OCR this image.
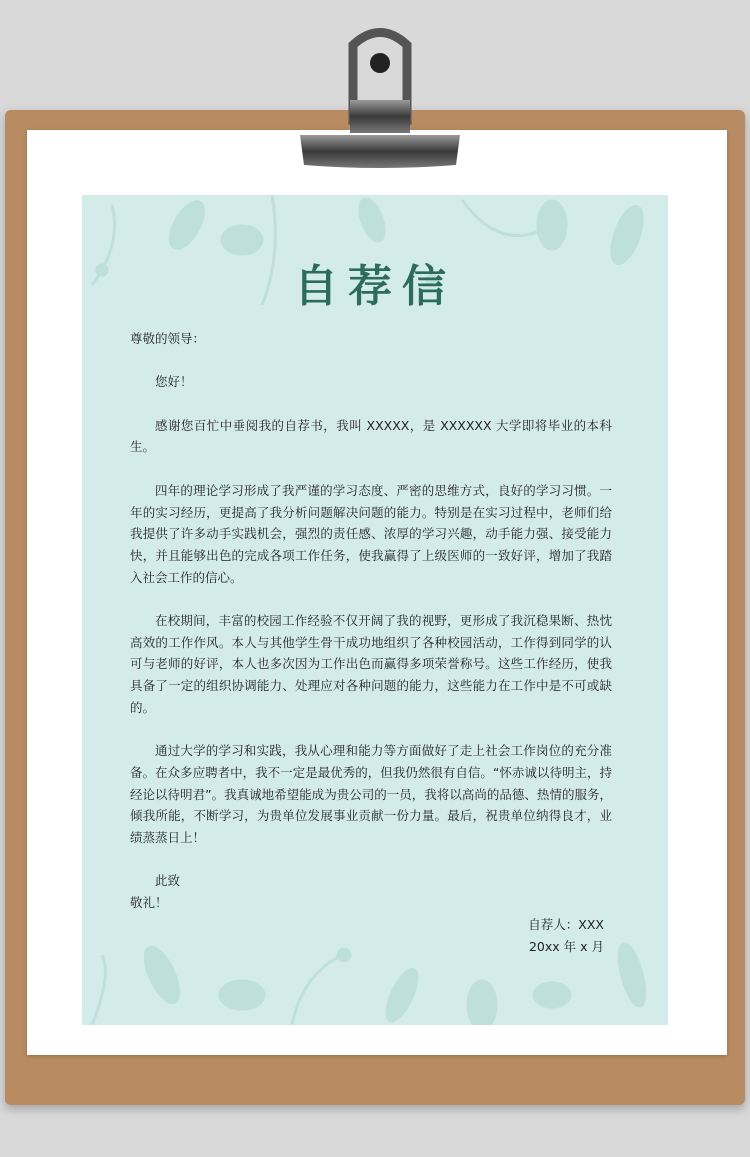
自荐信

尊敬的领导：

您好！

感谢您百忙中垂阅我的自荐书，我叫 XXXXX，是 XXXXXX 大学即将毕业的本科生。

四年的理论学习形成了我严谨的学习态度、严密的思维方式，良好的学习习惯。一年的实习经历，更提高了我分析问题解决问题的能力。特别是在实习过程中，老师们给我提供了许多动手实践机会，强烈的责任感、浓厚的学习兴趣，动手能力强、接受能力快，并且能够出色的完成各项工作任务，使我赢得了上级医师的一致好评，增加了我踏入社会工作的信心。

在校期间，丰富的校园工作经验不仅开阔了我的视野，更形成了我沉稳果断、热忱高效的工作作风。本人与其他学生骨干成功地组织了各种校园活动，工作得到同学的认可与老师的好评，本人也多次因为工作出色而赢得多项荣誉称号。这些工作经历，使我具备了一定的组织协调能力、处理应对各种问题的能力，这些能力在工作中是不可或缺的。

通过大学的学习和实践，我从心理和能力等方面做好了走上社会工作岗位的充分准备。在众多应聘者中，我不一定是最优秀的，但我仍然很有自信。“怀赤诚以待明主，持经论以待明君”。我真诚地希望能成为贵公司的一员，我将以高尚的品德、热情的服务，倾我所能，不断学习，为贵单位发展事业贡献一份力量。最后，祝贵单位纳得良才，业绩蒸蒸日上！

此致

敬礼！

自荐人：XXX

20xx 年 x 月
